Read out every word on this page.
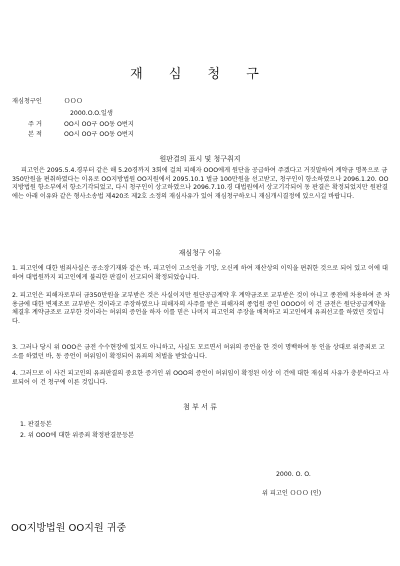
재 심 청 구
재심청구인	ＯＯＯ
2000.O.O.일생
주 거	OO시 OO구 OO동 O번지
본 적	OO시 OO구 OO동 O번지
원판결의 표시 및 청구취지
피고인은 2095.5.4.경부터 같은 해 5.20경까지 3회에 걸쳐 피해자 OOO에게 원단을 공급하여 주겠다고 거짓말하여 계약금 명목으로 금350만원을 편취하였다는 이유로 OO지방법원 OO지원에서 2095.10.1 벌금 100만원을 선고받고, 청구인이 항소하였으나 2096.1.20. OO지방법원 항소부에서 항소기각되었고, 다시 청구인이 상고하였으나 2096.7.10.경 대법원에서 상고기각되어 동 판결은 확정되었지만 원판결에는 아래 이유와 같은 형사소송법 제420조 제2호 소정의 재심사유가 있어 재심청구하오니 재심개시결정에 있으시길 바랍니다.
재심청구 이유
1. 피고인에 대한 범죄사실은 공소장기재와 같은 바, 피고인이 고소인을 기망, 오신케 하여 재산상의 이익을 편취한 것으로 되어 있고 이에 대하여 대법원까지 피고인에게 불리한 판결이 선고되어 확정되었습니다.
2. 피고인은 피해자로부터 금350만원을 교부받은 것은 사실이지만 원단공급계약 후 계약금조로 교부받은 것이 아니고 종전에 차용하여 준 차용금에 대한 변제조로 교부받은 것이라고 주장하였으나 피해자의 사주를 받은 피해자의 종업원 증인 OOOO이 이 건 금전은 원단공급계약을 체결후 계약금조로 교부한 것이라는 허위의 증언을 하자 이를 믿은 나머지 피고인의 주장을 배척하고 피고인에게 유죄선고를 하였던 것입니다.
3. 그러나 당시 위 OOO은 금전 수수현장에 있지도 아니하고, 사실도 모르면서 허위의 증언을 한 것이 명백하여 동 인을 상대로 위증죄로 고소를 하였던 바, 동 증언이 허위임이 확정되어 유죄의 처벌을 받았습니다.
4. 그러므로 이 사건 피고인의 유죄판결의 중요한 증거인 위 OOO의 증언이 허위임이 확정된 이상 이 건에 대한 재심의 사유가 충분하다고 사료되어 이 건 청구에 이른 것입니다.
첨 부 서 류
1. 판결등본
2. 위 OOO에 대한 위증죄 확정판결문등본
2000. O. O.
위 피고인 ＯＯＯ (인)
OO지방법원 OO지원 귀중
